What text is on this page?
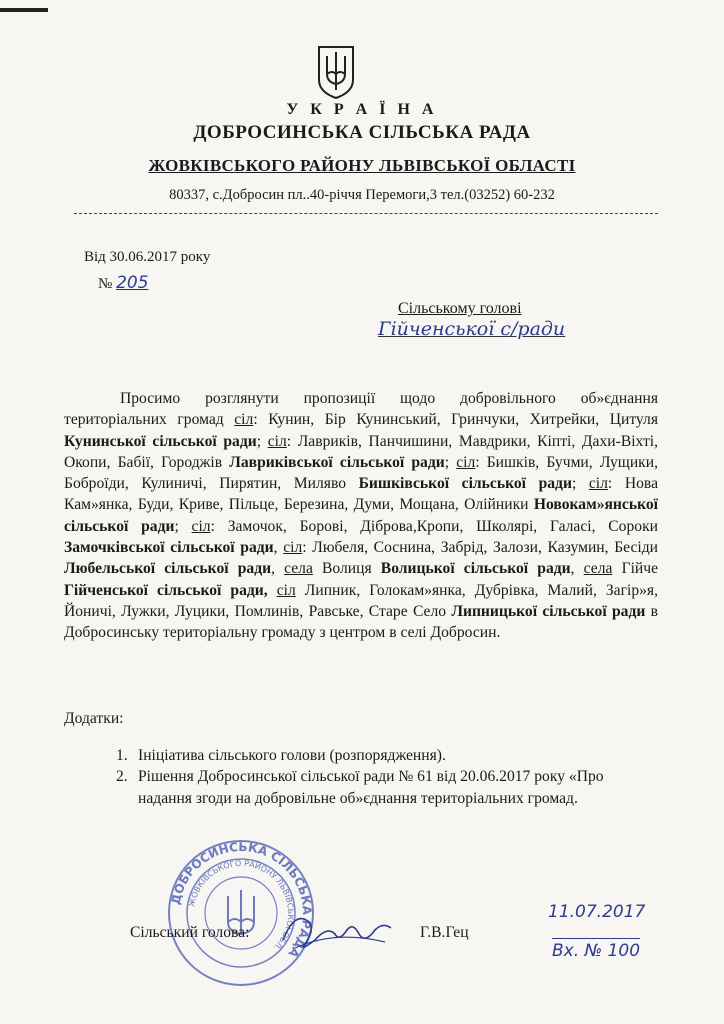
У К Р А Ї Н А
ДОБРОСИНСЬКА СІЛЬСЬКА РАДА
ЖОВКІВСЬКОГО РАЙОНУ ЛЬВІВСЬКОЇ ОБЛАСТІ
80337, с.Добросин пл..40-річчя Перемоги,3 тел.(03252) 60-232
Від 30.06.2017 року
№ 205
Сільському голові
Гійченської с/ради

Просимо розглянути пропозиції щодо добровільного об»єднання територіальних громад сіл: Кунин, Бір Кунинський, Гринчуки, Хитрейки, Цитуля Кунинської сільської ради; сіл: Лавриків, Панчишини, Мавдрики, Кіпті, Дахи-Віхті, Окопи, Бабії, Городжів Лавриківської сільської ради; сіл: Бишків, Бучми, Лущики, Боброїди, Кулиничі, Пирятин, Миляво Бишківської сільської ради; сіл: Нова Кам»янка, Буди, Криве, Пільце, Березина, Думи, Мощана, Олійники Новокам»янської сільської ради; сіл: Замочок, Борові, Діброва,Кропи, Школярі, Галасі, Сороки Замочківської сільської ради, сіл: Любеля, Соснина, Забрід, Залози, Казумин, Бесіди Любельської сільської ради, села Волиця Волицької сільської ради, села Гійче Гійченської сільської ради, сіл Липник, Голокам»янка, Дубрівка, Малий, Загір»я, Йоничі, Лужки, Луцики, Помлинів, Равське, Старе Село Липницької сільської ради в Добросинську територіальну громаду з центром в селі Добросин.

Додатки:
1. Ініціатива сільського голови (розпорядження).
2. Рішення Добросинської сільської ради № 61 від 20.06.2017 року «Про надання згоди на добровільне об»єднання територіальних громад.
ДОБРОСИНСЬКА СІЛЬСЬКА РАДА
ЖОВКІВСЬКОГО РАЙОНУ ЛЬВІВСЬКОЇ ОБЛ.
Сільський голова:	Г.В.Гец
11.07.2017
Вх. № 100
